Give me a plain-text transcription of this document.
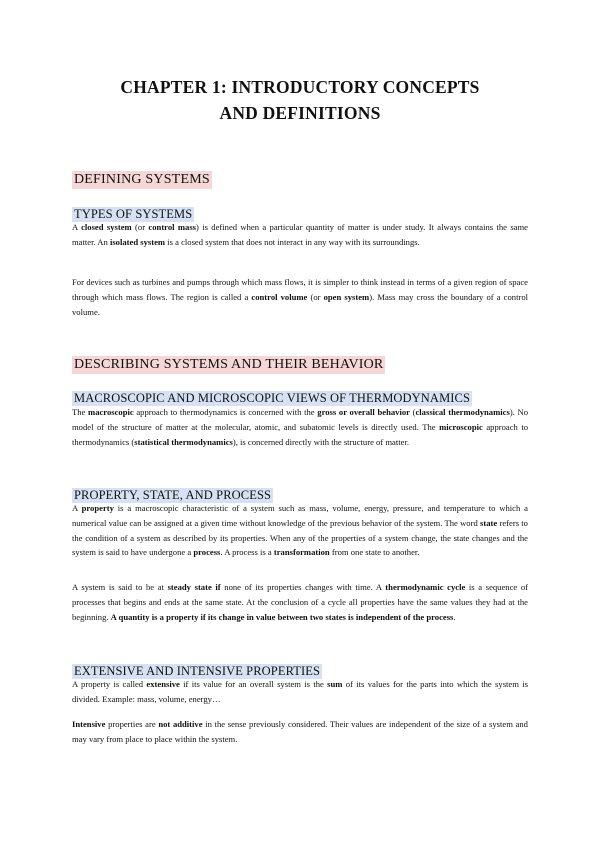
CHAPTER 1: INTRODUCTORY CONCEPTS
AND DEFINITIONS
DEFINING SYSTEMS
TYPES OF SYSTEMS

A closed system (or control mass) is defined when a particular quantity of matter is under study. It always contains the same matter. An isolated system is a closed system that does not interact in any way with its surroundings.

For devices such as turbines and pumps through which mass flows, it is simpler to think instead in terms of a given region of space through which mass flows. The region is called a control volume (or open system). Mass may cross the boundary of a control volume.

DESCRIBING SYSTEMS AND THEIR BEHAVIOR
MACROSCOPIC AND MICROSCOPIC VIEWS OF THERMODYNAMICS

The macroscopic approach to thermodynamics is concerned with the gross or overall behavior (classical thermodynamics). No model of the structure of matter at the molecular, atomic, and subatomic levels is directly used. The microscopic approach to thermodynamics (statistical thermodynamics), is concerned directly with the structure of matter.

PROPERTY, STATE, AND PROCESS

A property is a macroscopic characteristic of a system such as mass, volume, energy, pressure, and temperature to which a numerical value can be assigned at a given time without knowledge of the previous behavior of the system. The word state refers to the condition of a system as described by its properties. When any of the properties of a system change, the state changes and the system is said to have undergone a process. A process is a transformation from one state to another.

A system is said to be at steady state if none of its properties changes with time. A thermodynamic cycle is a sequence of processes that begins and ends at the same state. At the conclusion of a cycle all properties have the same values they had at the beginning. A quantity is a property if its change in value between two states is independent of the process.

EXTENSIVE AND INTENSIVE PROPERTIES

A property is called extensive if its value for an overall system is the sum of its values for the parts into which the system is divided. Example: mass, volume, energy…

Intensive properties are not additive in the sense previously considered. Their values are independent of the size of a system and may vary from place to place within the system.
